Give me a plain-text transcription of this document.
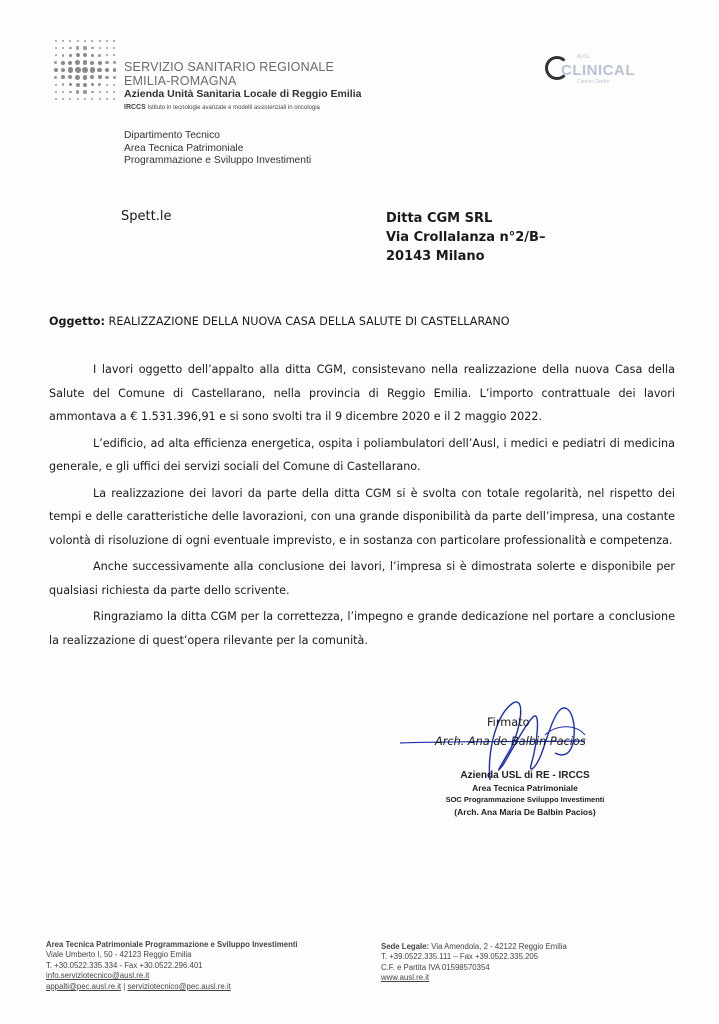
SERVIZIO SANITARIO REGIONALE
EMILIA-ROMAGNA
Azienda Unità Sanitaria Locale di Reggio Emilia
IRCCS Istituto in tecnologie avanzate e modelli assistenziali in oncologia
Dipartimento Tecnico
Area Tecnica Patrimoniale
Programmazione e Sviluppo Investimenti
AUSL
CLINICAL
Cancer Centre
Spett.le	Ditta CGM SRL
Via Crollalanza n°2/B–
20143 Milano
Oggetto: REALIZZAZIONE DELLA NUOVA CASA DELLA SALUTE DI CASTELLARANO

I lavori oggetto dell’appalto alla ditta CGM, consistevano nella realizzazione della nuova Casa della Salute del Comune di Castellarano, nella provincia di Reggio Emilia. L’importo contrattuale dei lavori ammontava a € 1.531.396,91 e si sono svolti tra il 9 dicembre 2020 e il 2 maggio 2022.

L’edificio, ad alta efficienza energetica, ospita i poliambulatori dell’Ausl, i medici e pediatri di medicina generale, e gli uffici dei servizi sociali del Comune di Castellarano.

La realizzazione dei lavori da parte della ditta CGM si è svolta con totale regolarità, nel rispetto dei tempi e delle caratteristiche delle lavorazioni, con una grande disponibilità da parte dell’impresa, una costante volontà di risoluzione di ogni eventuale imprevisto, e in sostanza con particolare professionalità e competenza.

Anche successivamente alla conclusione dei lavori, l’impresa si è dimostrata solerte e disponibile per qualsiasi richiesta da parte dello scrivente.

Ringraziamo la ditta CGM per la correttezza, l’impegno e grande dedicazione nel portare a conclusione la realizzazione di quest’opera rilevante per la comunità.

Firmato
Arch. Ana de Balbin Pacios
Azienda USL di RE - IRCCS
Area Tecnica Patrimoniale
SOC Programmazione Sviluppo Investimenti
(Arch. Ana Maria De Balbin Pacios)
Area Tecnica Patrimoniale Programmazione e Sviluppo Investimenti
Viale Umberto I, 50 - 42123 Reggio Emilia
T. +30.0522.335.334 - Fax +30.0522.296.401
info.serviziotecnico@ausl.re.it
appalti@pec.ausl.re.it | serviziotecnico@pec.ausl.re.it
Sede Legale: Via Amendola, 2 - 42122 Reggio Emilia
T. +39.0522.335.111 – Fax +39.0522.335.205
C.F. e Partita IVA 01598570354
www.ausl.re.it
